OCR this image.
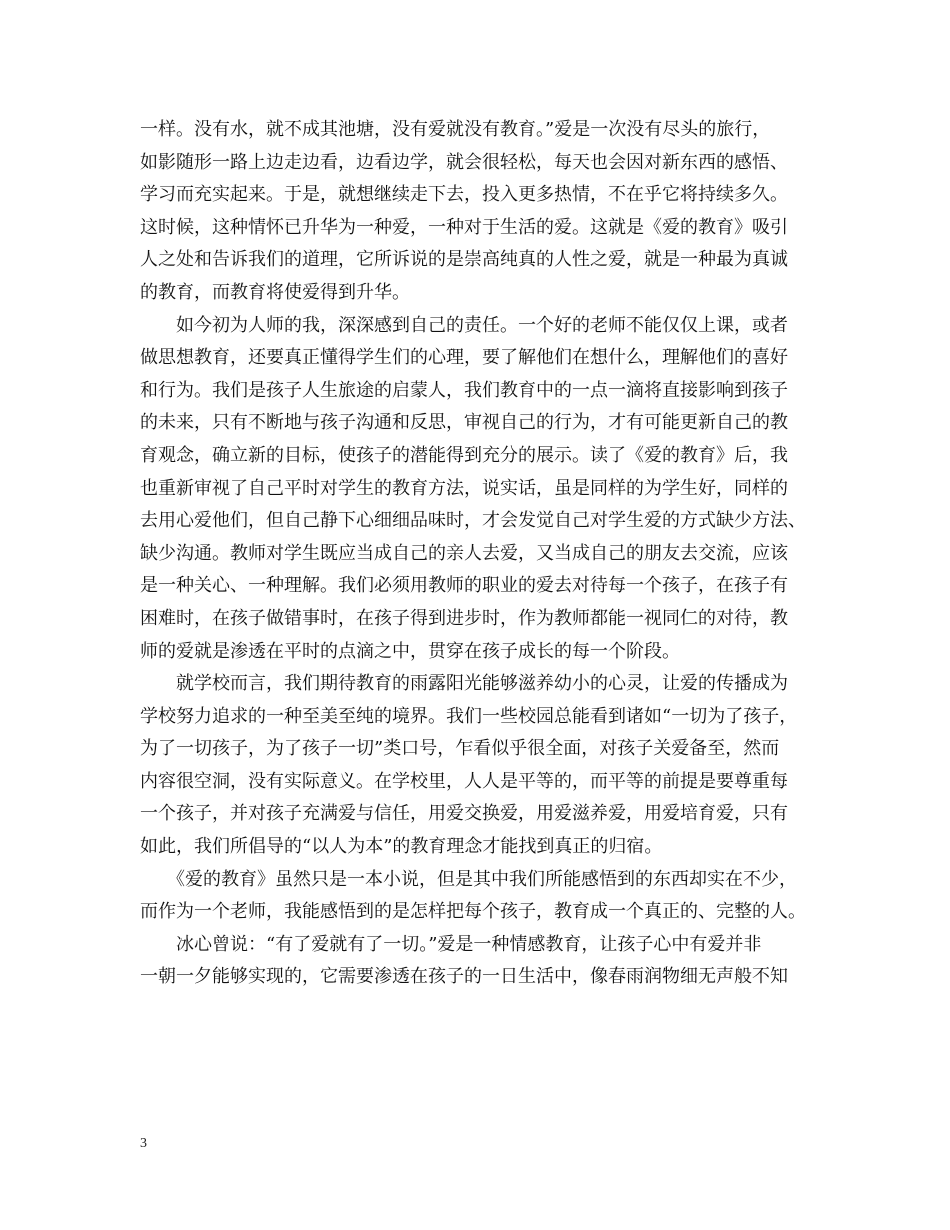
一样。没有水，就不成其池塘，没有爱就没有教育。”爱是一次没有尽头的旅行，
如影随形一路上边走边看，边看边学，就会很轻松，每天也会因对新东西的感悟、
学习而充实起来。于是，就想继续走下去，投入更多热情，不在乎它将持续多久。
这时候，这种情怀已升华为一种爱，一种对于生活的爱。这就是《爱的教育》吸引
人之处和告诉我们的道理，它所诉说的是崇高纯真的人性之爱，就是一种最为真诚
的教育，而教育将使爱得到升华。
　　如今初为人师的我，深深感到自己的责任。一个好的老师不能仅仅上课，或者
做思想教育，还要真正懂得学生们的心理，要了解他们在想什么，理解他们的喜好
和行为。我们是孩子人生旅途的启蒙人，我们教育中的一点一滴将直接影响到孩子
的未来，只有不断地与孩子沟通和反思，审视自己的行为，才有可能更新自己的教
育观念，确立新的目标，使孩子的潜能得到充分的展示。读了《爱的教育》后，我
也重新审视了自己平时对学生的教育方法，说实话，虽是同样的为学生好，同样的
去用心爱他们，但自己静下心细细品味时，才会发觉自己对学生爱的方式缺少方法、
缺少沟通。教师对学生既应当成自己的亲人去爱，又当成自己的朋友去交流，应该
是一种关心、一种理解。我们必须用教师的职业的爱去对待每一个孩子，在孩子有
困难时，在孩子做错事时，在孩子得到进步时，作为教师都能一视同仁的对待，教
师的爱就是渗透在平时的点滴之中，贯穿在孩子成长的每一个阶段。
　　就学校而言，我们期待教育的雨露阳光能够滋养幼小的心灵，让爱的传播成为
学校努力追求的一种至美至纯的境界。我们一些校园总能看到诸如“一切为了孩子，
为了一切孩子，为了孩子一切”类口号，乍看似乎很全面，对孩子关爱备至，然而
内容很空洞，没有实际意义。在学校里，人人是平等的，而平等的前提是要尊重每
一个孩子，并对孩子充满爱与信任，用爱交换爱，用爱滋养爱，用爱培育爱，只有
如此，我们所倡导的“以人为本”的教育理念才能找到真正的归宿。
　　《爱的教育》虽然只是一本小说，但是其中我们所能感悟到的东西却实在不少，
而作为一个老师，我能感悟到的是怎样把每个孩子，教育成一个真正的、完整的人。
　　冰心曾说：“有了爱就有了一切。”爱是一种情感教育，让孩子心中有爱并非
一朝一夕能够实现的，它需要渗透在孩子的一日生活中，像春雨润物细无声般不知
3
